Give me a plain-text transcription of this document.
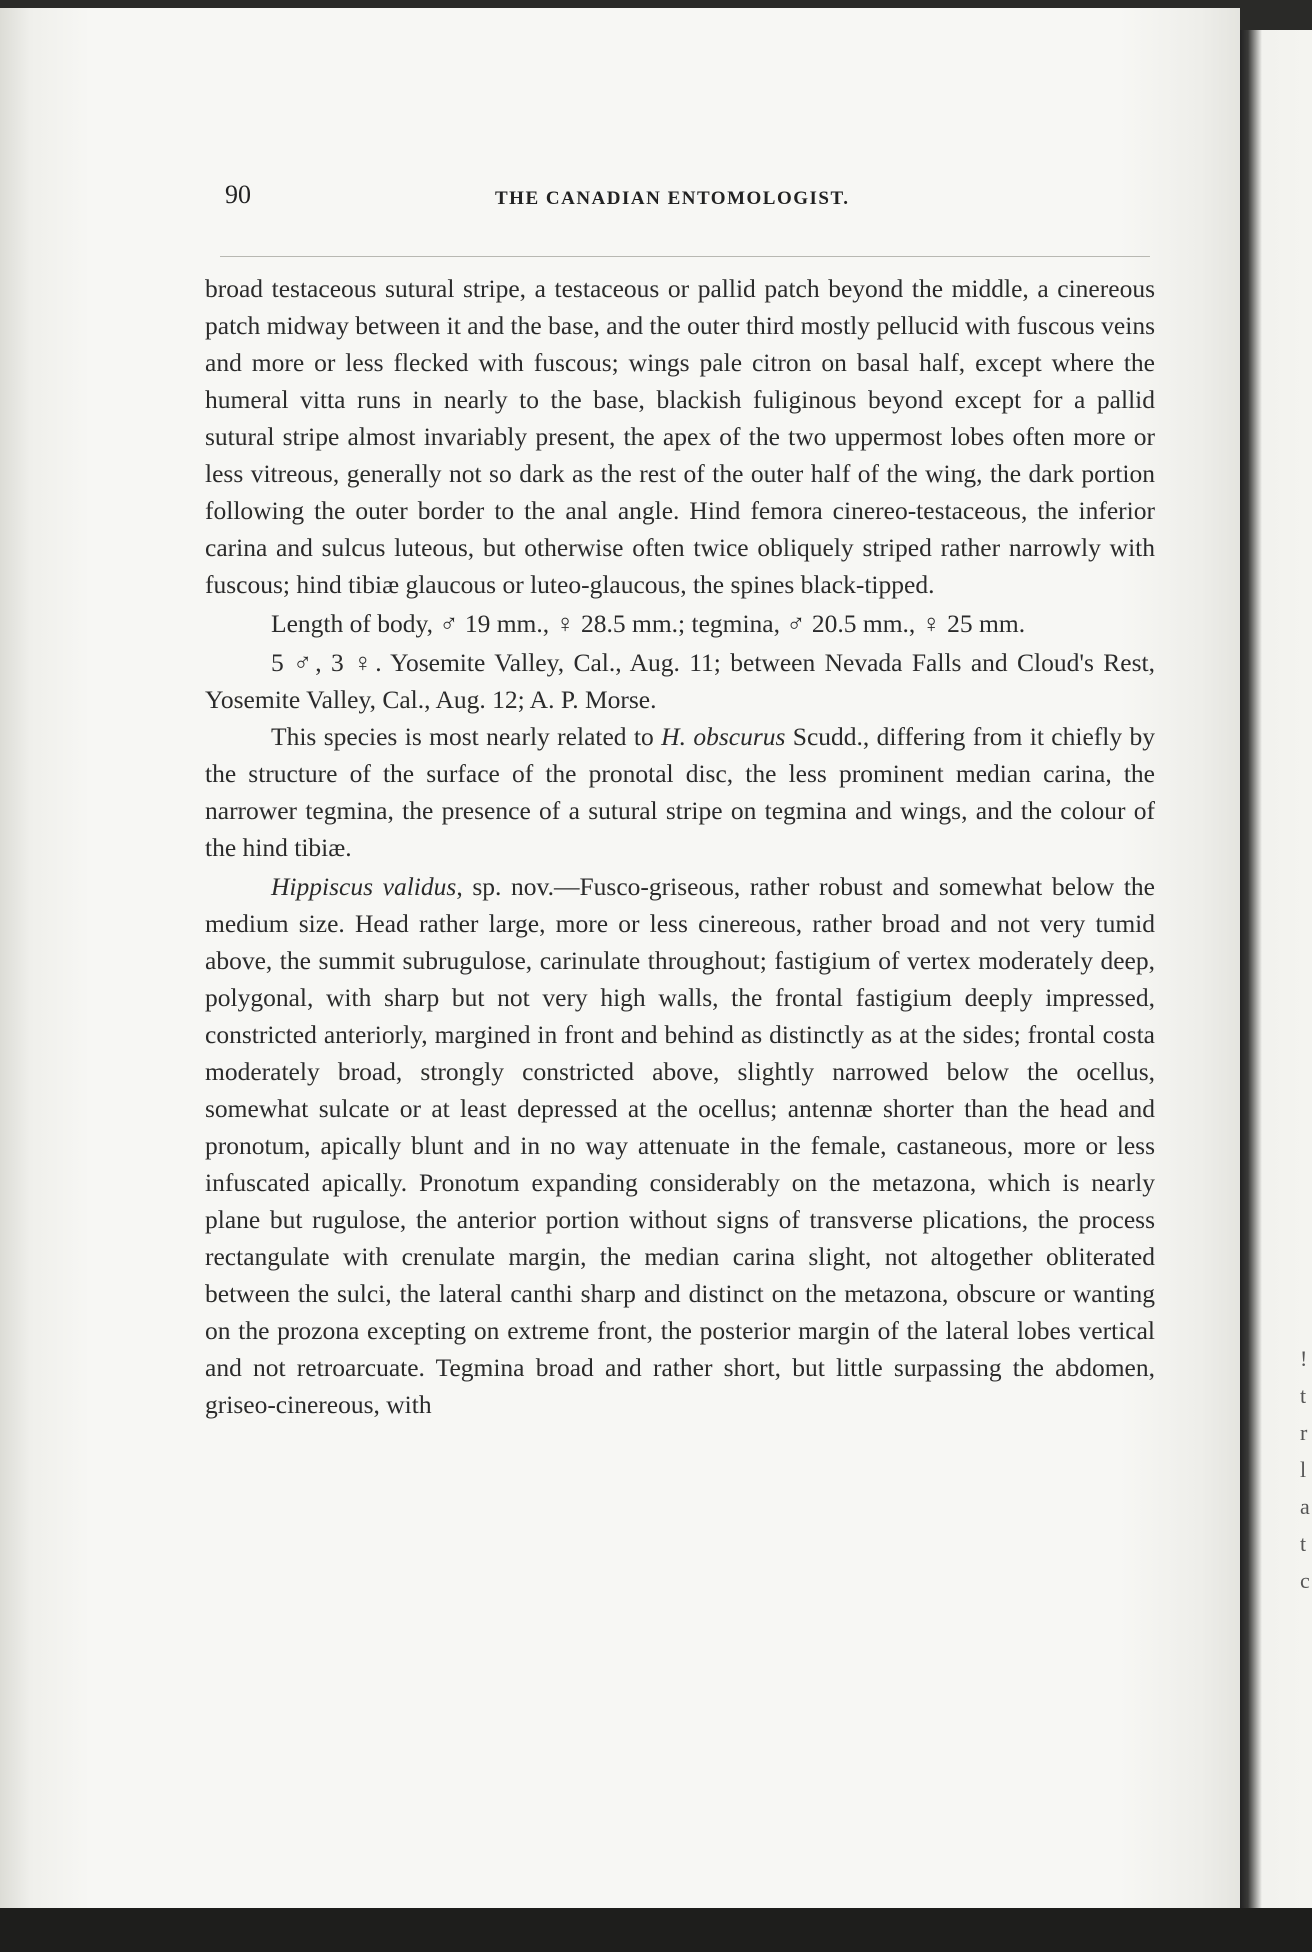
90	THE CANADIAN ENTOMOLOGIST.

broad testaceous sutural stripe, a testaceous or pallid patch beyond the middle, a cinereous patch midway between it and the base, and the outer third mostly pellucid with fuscous veins and more or less flecked with fuscous; wings pale citron on basal half, except where the humeral vitta runs in nearly to the base, blackish fuliginous beyond except for a pallid sutural stripe almost invariably present, the apex of the two uppermost lobes often more or less vitreous, generally not so dark as the rest of the outer half of the wing, the dark portion following the outer border to the anal angle. Hind femora cinereo-testaceous, the inferior carina and sulcus luteous, but otherwise often twice obliquely striped rather narrowly with fuscous; hind tibiæ glaucous or luteo-glaucous, the spines black-tipped.

Length of body, ♂ 19 mm., ♀ 28.5 mm.; tegmina, ♂ 20.5 mm., ♀ 25 mm.

5 ♂, 3 ♀. Yosemite Valley, Cal., Aug. 11; between Nevada Falls and Cloud's Rest, Yosemite Valley, Cal., Aug. 12; A. P. Morse.

This species is most nearly related to H. obscurus Scudd., differing from it chiefly by the structure of the surface of the pronotal disc, the less prominent median carina, the narrower tegmina, the presence of a sutural stripe on tegmina and wings, and the colour of the hind tibiæ.

Hippiscus validus, sp. nov.—Fusco-griseous, rather robust and somewhat below the medium size. Head rather large, more or less cinereous, rather broad and not very tumid above, the summit subrugulose, carinulate throughout; fastigium of vertex moderately deep, polygonal, with sharp but not very high walls, the frontal fastigium deeply impressed, constricted anteriorly, margined in front and behind as distinctly as at the sides; frontal costa moderately broad, strongly constricted above, slightly narrowed below the ocellus, somewhat sulcate or at least depressed at the ocellus; antennæ shorter than the head and pronotum, apically blunt and in no way attenuate in the female, castaneous, more or less infuscated apically. Pronotum expanding considerably on the metazona, which is nearly plane but rugulose, the anterior portion without signs of transverse plications, the process rectangulate with crenulate margin, the median carina slight, not altogether obliterated between the sulci, the lateral canthi sharp and distinct on the metazona, obscure or wanting on the prozona excepting on extreme front, the posterior margin of the lateral lobes vertical and not retroarcuate. Tegmina broad and rather short, but little surpassing the abdomen, griseo-cinereous, with

! t r l a t c
